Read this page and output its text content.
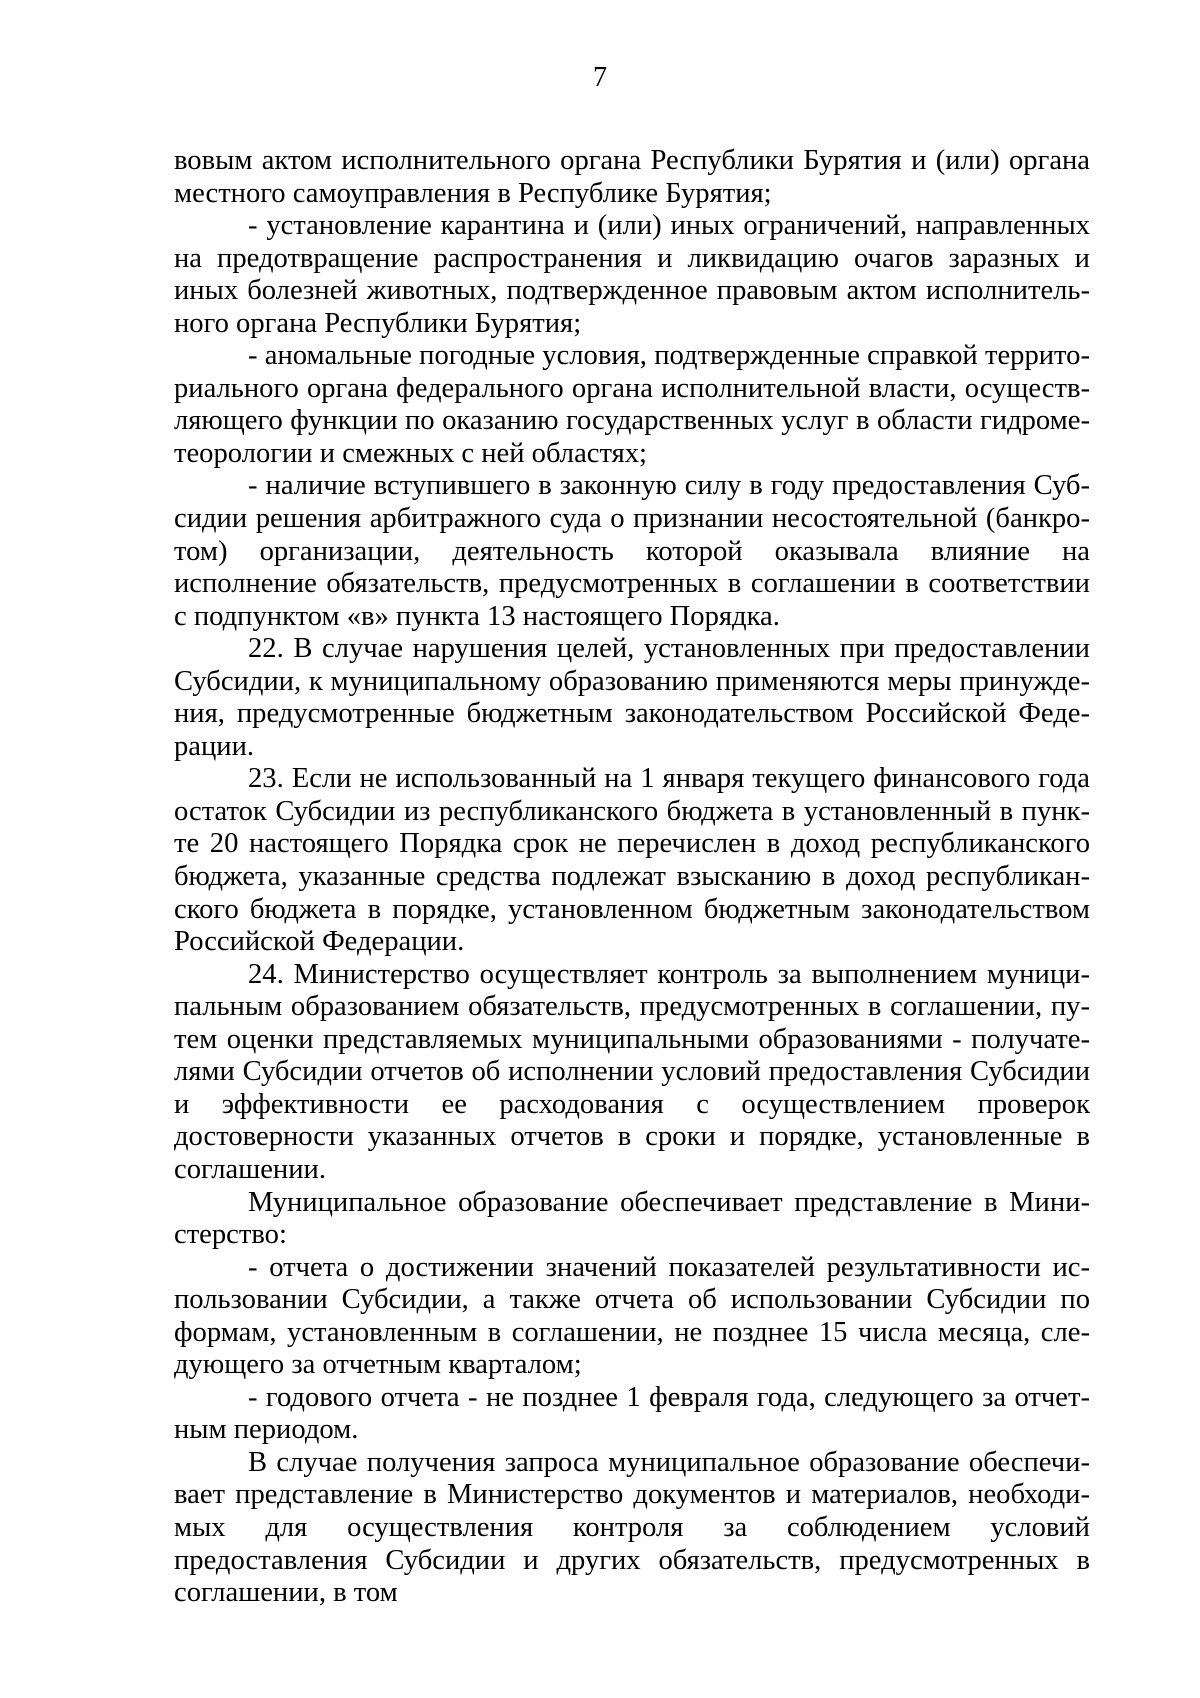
7

вовым актом исполнительного органа Республики Бурятия и (или) органа местного самоуправления в Республике Бурятия;

- установление карантина и (или) иных ограничений, направленных на предотвращение распространения и ликвидацию очагов заразных и иных болезней животных, подтвержденное правовым актом исполнительного органа Республики Бурятия;

- аномальные погодные условия, подтвержденные справкой территориального органа федерального органа исполнительной власти, осуществляющего функции по оказанию государственных услуг в области гидрометеорологии и смежных с ней областях;

- наличие вступившего в законную силу в году предоставления Субсидии решения арбитражного суда о признании несостоятельной (банкротом) организации, деятельность которой оказывала влияние на исполнение обязательств, предусмотренных в соглашении в соответствии с подпунктом «в» пункта 13 настоящего Порядка.

22. В случае нарушения целей, установленных при предоставлении Субсидии, к муниципальному образованию применяются меры принуждения, предусмотренные бюджетным законодательством Российской Федерации.

23. Если не использованный на 1 января текущего финансового года остаток Субсидии из республиканского бюджета в установленный в пункте 20 настоящего Порядка срок не перечислен в доход республиканского бюджета, указанные средства подлежат взысканию в доход республиканского бюджета в порядке, установленном бюджетным законодательством Российской Федерации.

24. Министерство осуществляет контроль за выполнением муниципальным образованием обязательств, предусмотренных в соглашении, путем оценки представляемых муниципальными образованиями - получателями Субсидии отчетов об исполнении условий предоставления Субсидии и эффективности ее расходования с осуществлением проверок достоверности указанных отчетов в сроки и порядке, установленные в соглашении.

Муниципальное образование обеспечивает представление в Министерство:

- отчета о достижении значений показателей результативности использовании Субсидии, а также отчета об использовании Субсидии по формам, установленным в соглашении, не позднее 15 числа месяца, следующего за отчетным кварталом;

- годового отчета - не позднее 1 февраля года, следующего за отчетным периодом.

В случае получения запроса муниципальное образование обеспечивает представление в Министерство документов и материалов, необходимых для осуществления контроля за соблюдением условий предоставления Субсидии и других обязательств, предусмотренных в соглашении, в том
